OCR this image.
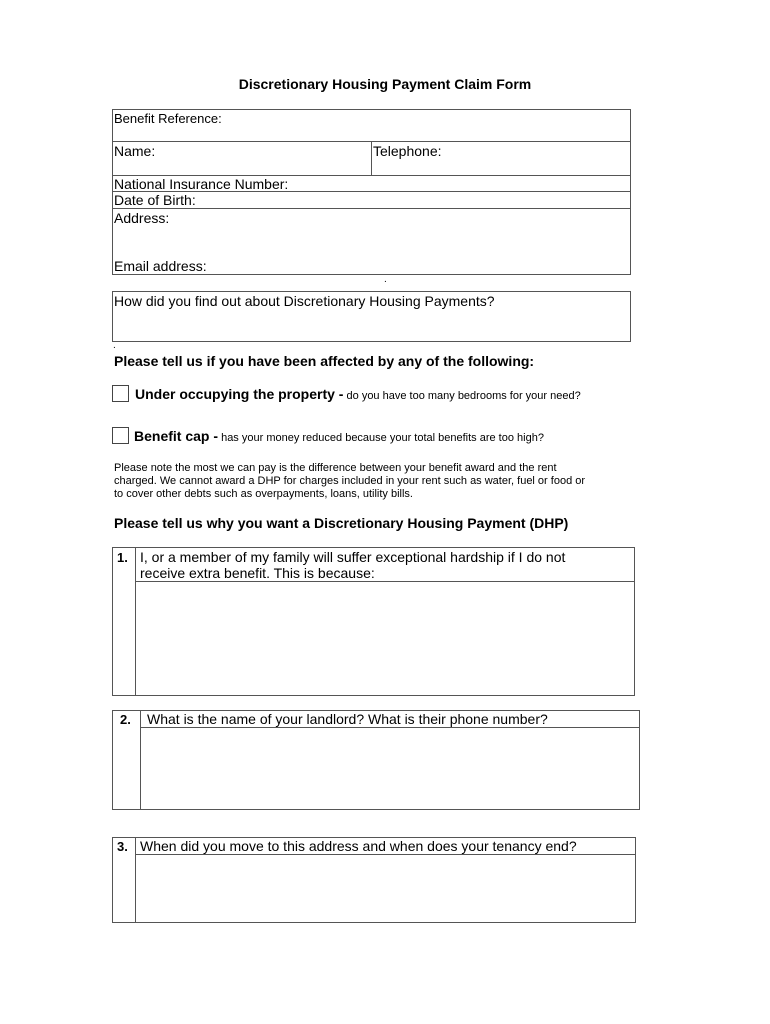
Discretionary Housing Payment Claim Form
Benefit Reference:
Name:	Telephone:
National Insurance Number:
Date of Birth:
Address:
Email address:
.
How did you find out about Discretionary Housing Payments?
.
Please tell us if you have been affected by any of the following:
Under occupying the property - do you have too many bedrooms for your need?
Benefit cap - has your money reduced because your total benefits are too high?
Please note the most we can pay is the difference between your benefit award and the rent
charged. We cannot award a DHP for charges included in your rent such as water, fuel or food or
to cover other debts such as overpayments, loans, utility bills.
Please tell us why you want a Discretionary Housing Payment (DHP)
1. I, or a member of my family will suffer exceptional hardship if I do not
receive extra benefit. This is because:
2. What is the name of your landlord? What is their phone number?
3. When did you move to this address and when does your tenancy end?
